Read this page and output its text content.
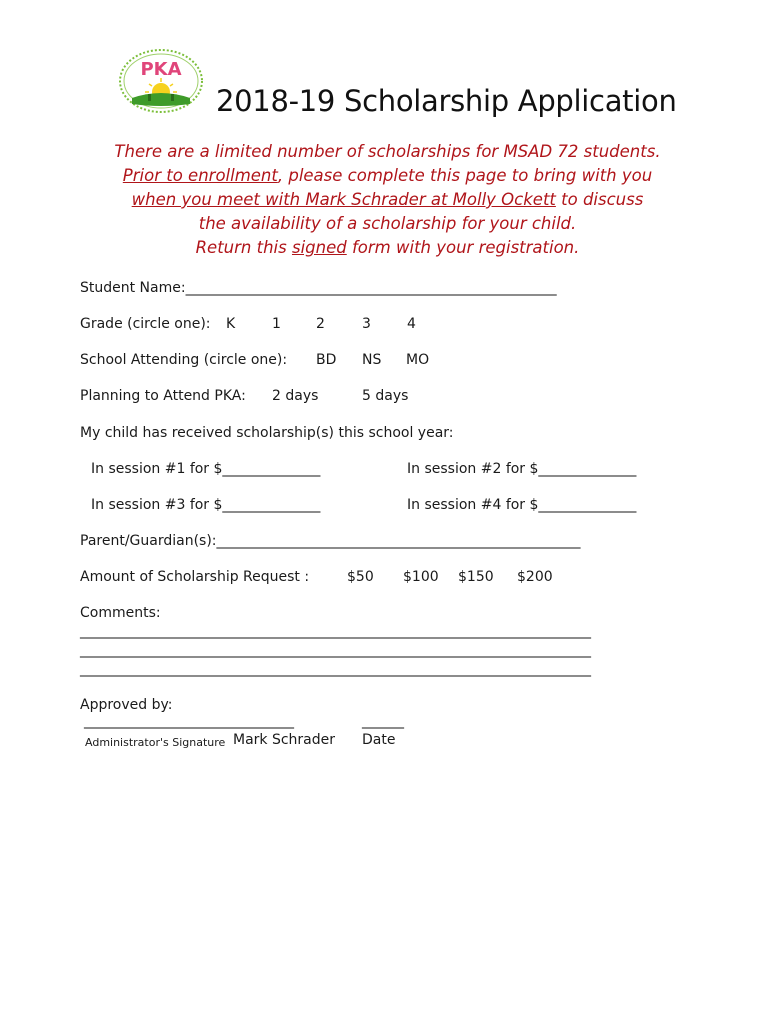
PKA
2018-19 Scholarship Application
There are a limited number of scholarships for MSAD 72 students.
Prior to enrollment, please complete this page to bring with you
when you meet with Mark Schrader at Molly Ockett to discuss
the availability of a scholarship for your child.
Return this signed form with your registration.
Student Name:_____________________________________________________
Grade (circle one): K	1	2	3	4
School Attending (circle one): BD NS MO
Planning to Attend PKA: 2 days	5 days
My child has received scholarship(s) this school year:
In session #1 for $______________	In session #2 for $______________
In session #3 for $______________	In session #4 for $______________
Parent/Guardian(s):____________________________________________________
Amount of Scholarship Request :	$50 $100 $150 $200
Comments:
_________________________________________________________________________
_________________________________________________________________________
_________________________________________________________________________
Approved by:
______________________________	______
Administrator's Signature Mark Schrader Date
